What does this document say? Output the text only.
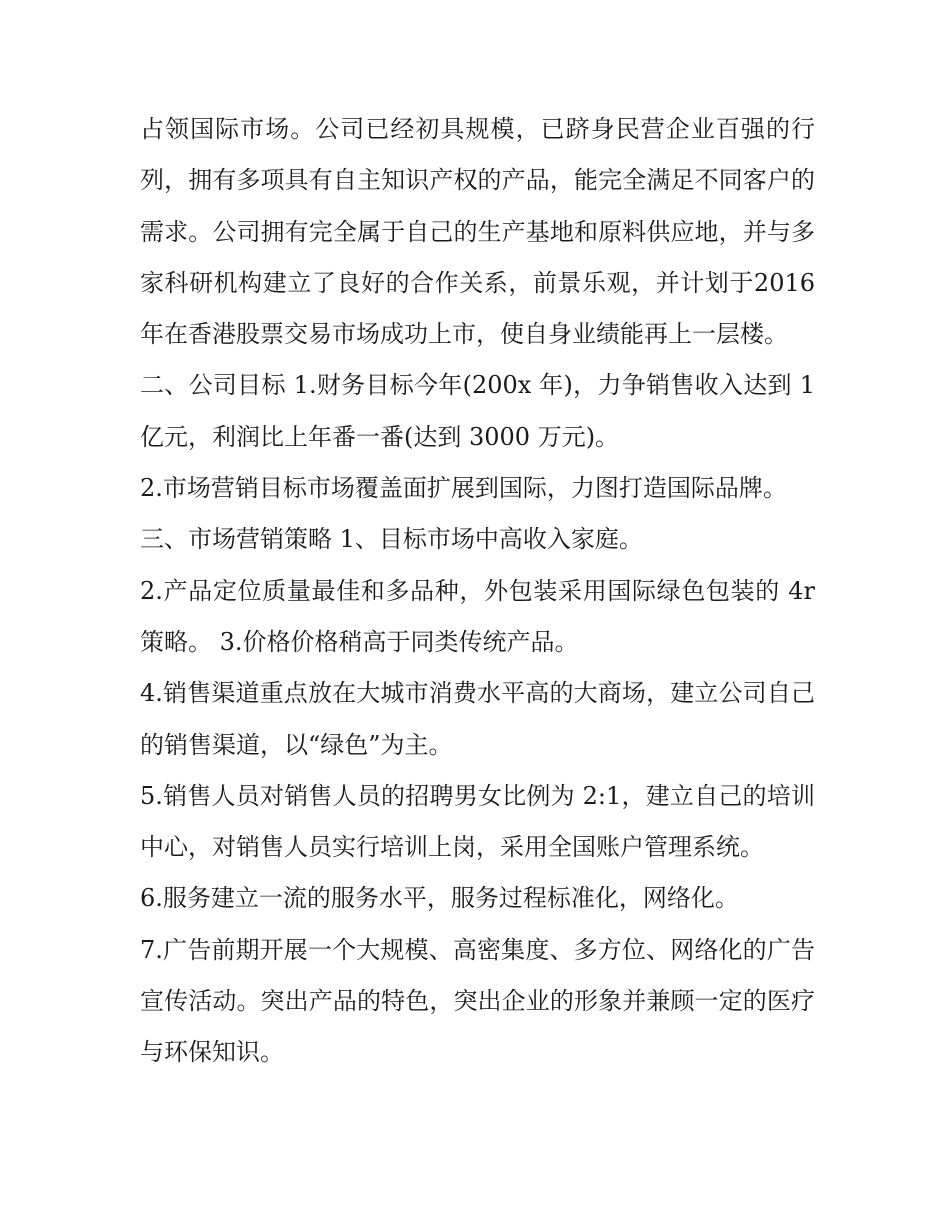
占领国际市场。公司已经初具规模，已跻身民营企业百强的行列，拥有多项具有自主知识产权的产品，能完全满足不同客户的需求。公司拥有完全属于自己的生产基地和原料供应地，并与多家科研机构建立了良好的合作关系，前景乐观，并计划于2016年在香港股票交易市场成功上市，使自身业绩能再上一层楼。

二、公司目标 1.财务目标今年(200x 年)，力争销售收入达到 1 亿元，利润比上年番一番(达到 3000 万元)。

2.市场营销目标市场覆盖面扩展到国际，力图打造国际品牌。

三、市场营销策略 1、目标市场中高收入家庭。

2.产品定位质量最佳和多品种，外包装采用国际绿色包装的 4r 策略。 3.价格价格稍高于同类传统产品。

4.销售渠道重点放在大城市消费水平高的大商场，建立公司自己的销售渠道，以“绿色”为主。

5.销售人员对销售人员的招聘男女比例为 2:1，建立自己的培训中心，对销售人员实行培训上岗，采用全国账户管理系统。

6.服务建立一流的服务水平，服务过程标准化，网络化。

7.广告前期开展一个大规模、高密集度、多方位、网络化的广告宣传活动。突出产品的特色，突出企业的形象并兼顾一定的医疗与环保知识。
